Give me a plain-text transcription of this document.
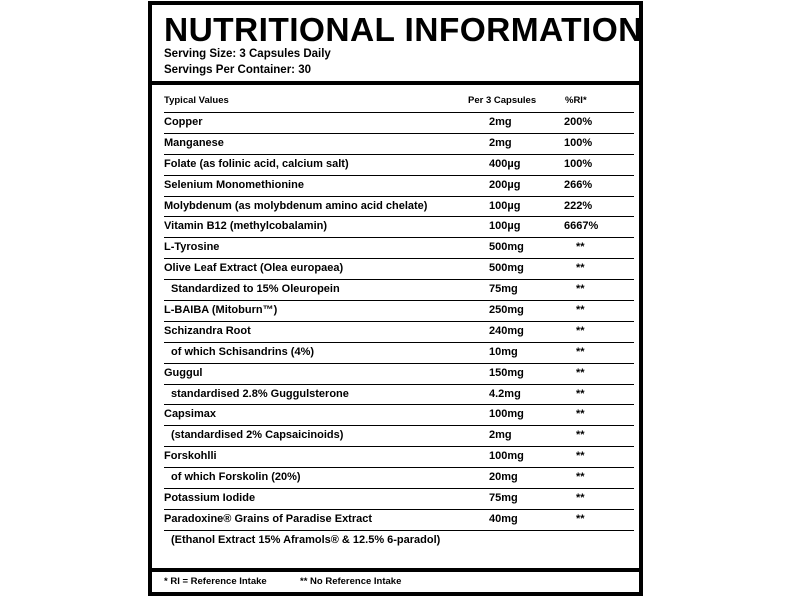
NUTRITIONAL INFORMATION
Serving Size: 3 Capsules Daily
Servings Per Container: 30
Typical Values	Per 3 Capsules	%RI*
Copper	2mg	200%
Manganese	2mg	100%
Folate (as folinic acid, calcium salt)	400µg	100%
Selenium Monomethionine	200µg	266%
Molybdenum (as molybdenum amino acid chelate)	100µg	222%
Vitamin B12 (methylcobalamin)	100µg	6667%
L-Tyrosine	500mg	**
Olive Leaf Extract (Olea europaea)	500mg	**
Standardized to 15% Oleuropein	75mg	**
L-BAIBA (Mitoburn™)	250mg	**
Schizandra Root	240mg	**
of which Schisandrins (4%)	10mg	**
Guggul	150mg	**
standardised 2.8% Guggulsterone	4.2mg	**
Capsimax	100mg	**
(standardised 2% Capsaicinoids)	2mg	**
Forskohlli	100mg	**
of which Forskolin (20%)	20mg	**
Potassium Iodide	75mg	**
Paradoxine® Grains of Paradise Extract	40mg	**
(Ethanol Extract 15% Aframols® & 12.5% 6-paradol)
* RI = Reference Intake	** No Reference Intake
